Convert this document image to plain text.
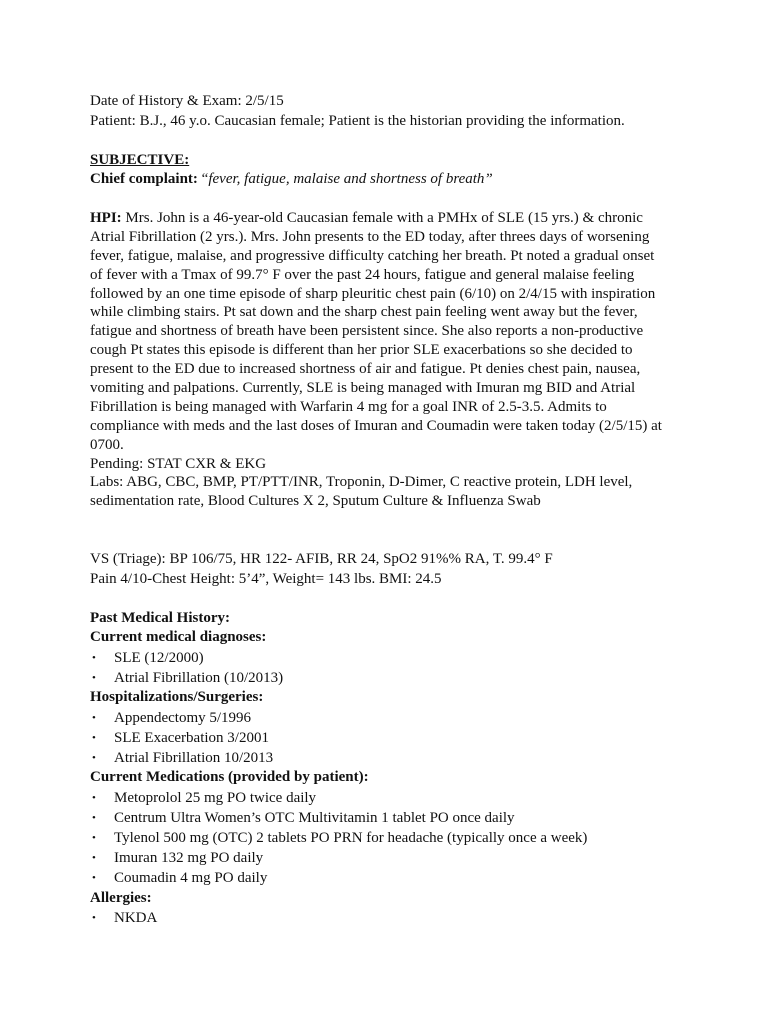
Date of History & Exam: 2/5/15
Patient: B.J., 46 y.o. Caucasian female; Patient is the historian providing the information.
SUBJECTIVE:
Chief complaint: “fever, fatigue, malaise and shortness of breath”
HPI: Mrs. John is a 46-year-old Caucasian female with a PMHx of SLE (15 yrs.) & chronic
Atrial Fibrillation (2 yrs.). Mrs. John presents to the ED today, after threes days of worsening
fever, fatigue, malaise, and progressive difficulty catching her breath. Pt noted a gradual onset
of fever with a Tmax of 99.7° F over the past 24 hours, fatigue and general malaise feeling
followed by an one time episode of sharp pleuritic chest pain (6/10) on 2/4/15 with inspiration
while climbing stairs. Pt sat down and the sharp chest pain feeling went away but the fever,
fatigue and shortness of breath have been persistent since. She also reports a non-productive
cough Pt states this episode is different than her prior SLE exacerbations so she decided to
present to the ED due to increased shortness of air and fatigue. Pt denies chest pain, nausea,
vomiting and palpations. Currently, SLE is being managed with Imuran mg BID and Atrial
Fibrillation is being managed with Warfarin 4 mg for a goal INR of 2.5-3.5. Admits to
compliance with meds and the last doses of Imuran and Coumadin were taken today (2/5/15) at
0700.
Pending: STAT CXR & EKG
Labs: ABG, CBC, BMP, PT/PTT/INR, Troponin, D-Dimer, C reactive protein, LDH level,
sedimentation rate, Blood Cultures X 2, Sputum Culture & Influenza Swab
VS (Triage): BP 106/75, HR 122- AFIB, RR 24, SpO2 91%% RA, T. 99.4° F
Pain 4/10-Chest Height: 5’4”, Weight= 143 lbs. BMI: 24.5
Past Medical History:
Current medical diagnoses:
• SLE (12/2000)
• Atrial Fibrillation (10/2013)
Hospitalizations/Surgeries:
• Appendectomy 5/1996
• SLE Exacerbation 3/2001
• Atrial Fibrillation 10/2013
Current Medications (provided by patient):
• Metoprolol 25 mg PO twice daily
• Centrum Ultra Women’s OTC Multivitamin 1 tablet PO once daily
• Tylenol 500 mg (OTC) 2 tablets PO PRN for headache (typically once a week)
• Imuran 132 mg PO daily
• Coumadin 4 mg PO daily
Allergies:
• NKDA
